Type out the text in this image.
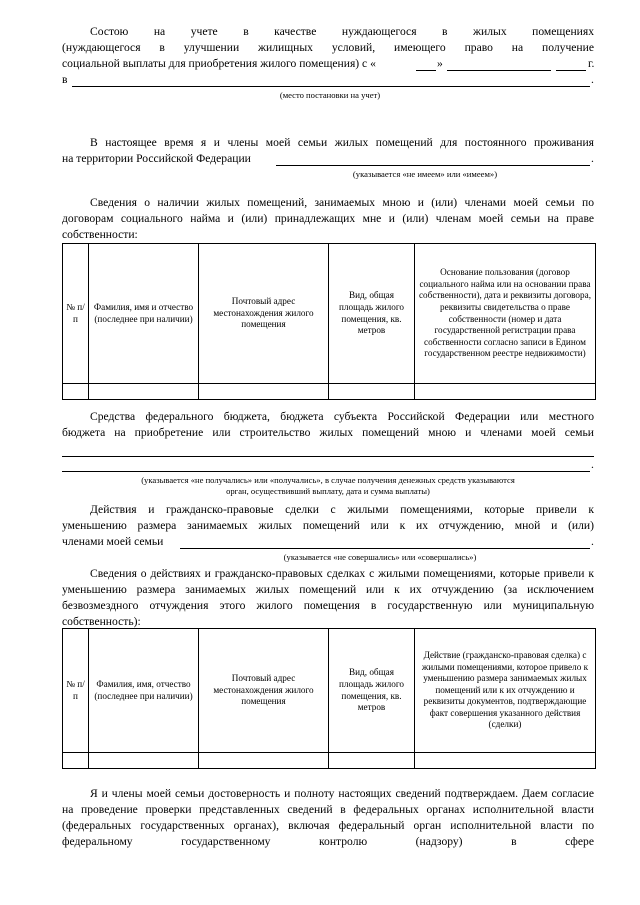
Состою на учете в качестве нуждающегося в жилых помещениях

(нуждающегося в улучшении жилищных условий, имеющего право на получение

социальной выплаты для приобретения жилого помещения) с «	»	г.
в	.
(место постановки на учет)

В настоящее время я и члены моей семьи жилых помещений для постоянного проживания

на территории Российской Федерации	.
(указывается «не имеем» или «имеем»)

Сведения о наличии жилых помещений, занимаемых мною и (или) членами моей семьи по договорам социального найма и (или) принадлежащих мне и (или) членам моей семьи на праве собственности:

№ п/п	Фамилия, имя и отчество (последнее при наличии)	Почтовый адрес местонахождения жилого помещения	Вид, общая площадь жилого помещения, кв. метров	Основание пользования (договор социального найма или на основании права собственности), дата и реквизиты договора, реквизиты свидетельства о праве собственности (номер и дата государственной регистрации права собственности согласно записи в Едином государственном реестре недвижимости)

Средства федерального бюджета, бюджета субъекта Российской Федерации или местного

бюджета на приобретение или строительство жилых помещений мною и членами моей семьи

.
(указывается «не получались» или «получались», в случае получения денежных средств указываются
орган, осуществивший выплату, дата и сумма выплаты)

Действия и гражданско-правовые сделки с жилыми помещениями, которые привели к

уменьшению размера занимаемых жилых помещений или к их отчуждению, мной и (или)

членами моей семьи	.
(указывается «не совершались» или «совершались»)

Сведения о действиях и гражданско-правовых сделках с жилыми помещениями, которые привели к уменьшению размера занимаемых жилых помещений или к их отчуждению (за исключением безвозмездного отчуждения этого жилого помещения в государственную или муниципальную собственность):

№ п/п	Фамилия, имя, отчество (последнее при наличии)	Почтовый адрес местонахождения жилого помещения	Вид, общая площадь жилого помещения, кв. метров	Действие (гражданско-правовая сделка) с жилыми помещениями, которое привело к уменьшению размера занимаемых жилых помещений или к их отчуждению и реквизиты документов, подтверждающие факт совершения указанного действия (сделки)

Я и члены моей семьи достоверность и полноту настоящих сведений подтверждаем. Даем согласие на проведение проверки представленных сведений в федеральных органах исполнительной власти (федеральных государственных органах), включая федеральный орган исполнительной власти по федеральному государственному контролю (надзору) в сфере
